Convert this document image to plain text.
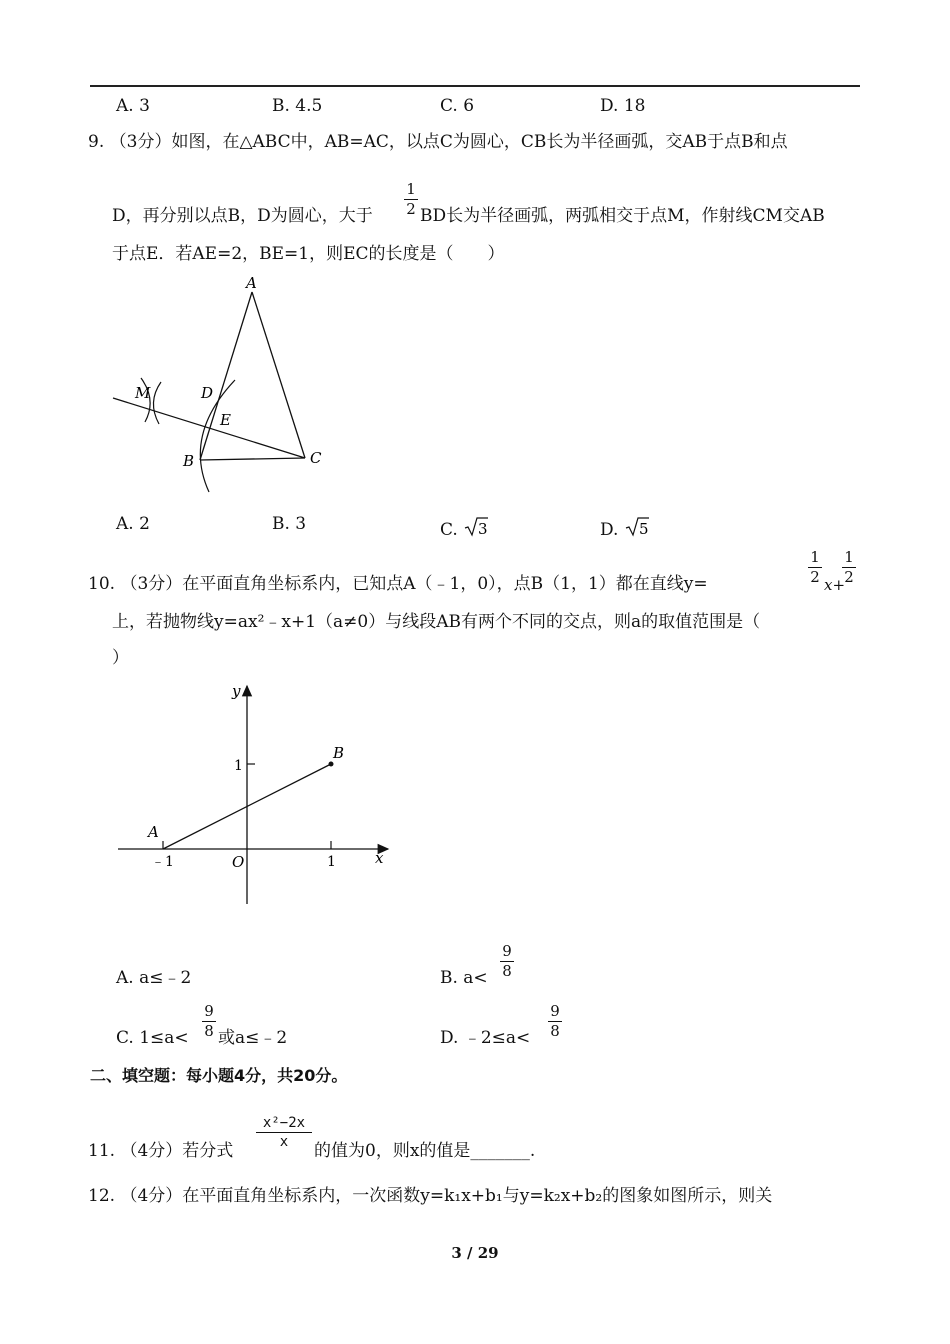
A. 3	B. 4.5	C. 6	D. 18
9. （3分）如图，在△ABC中，AB=AC，以点C为圆心，CB长为半径画弧，交AB于点B和点
D，再分别以点B，D为圆心，大于
1
2 BD长为半径画弧，两弧相交于点M，作射线CM交AB
于点E．若AE=2，BE=1，则EC的长度是（　　）
A
B	C
D
E
M
A. 2	B. 3	C. 3	D. 5
10. （3分）在平面直角坐标系内，已知点A（﹣1，0），点B（1，1）都在直线y=
1
2 x+
1
2
上，若抛物线y=ax²﹣x+1（a≠0）与线段AB有两个不同的交点，则a的取值范围是（
）
y
x
O
1
1
﹣1
A
B
A. a≤﹣2	B. a<
9
8
C. 1≤a<
9
8 或a≤﹣2	D. ﹣2≤a<
9
8
二、填空题：每小题4分，共20分。
11. （4分）若分式
x²−2x
x	的值为0，则x的值是_______.
12. （4分）在平面直角坐标系内，一次函数y=k₁x+b₁与y=k₂x+b₂的图象如图所示，则关
3 / 29
